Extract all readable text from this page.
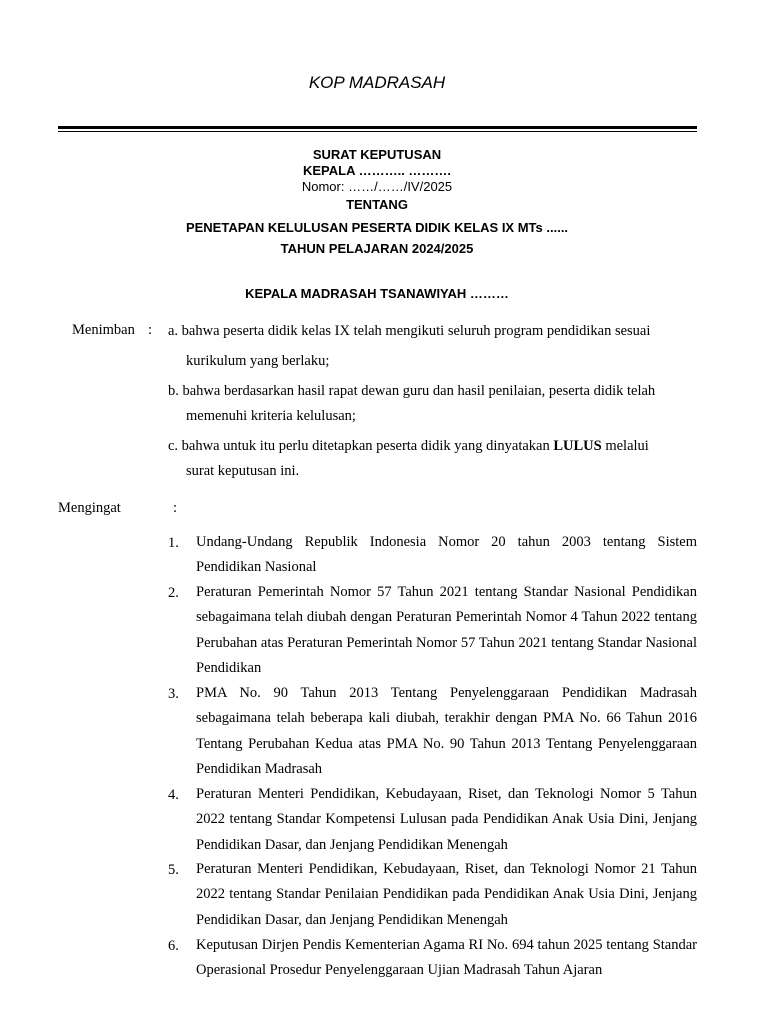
KOP MADRASAH
SURAT KEPUTUSAN
KEPALA ……….. ……….
Nomor: ……/……/IV/2025
TENTANG
PENETAPAN KELULUSAN PESERTA DIDIK KELAS IX MTs ......
TAHUN PELAJARAN 2024/2025
KEPALA MADRASAH TSANAWIYAH ………
Menimban : a. bahwa peserta didik kelas IX telah mengikuti seluruh program pendidikan sesuai
kurikulum yang berlaku;
b. bahwa berdasarkan hasil rapat dewan guru dan hasil penilaian, peserta didik telah
memenuhi kriteria kelulusan;
c. bahwa untuk itu perlu ditetapkan peserta didik yang dinyatakan LULUS melalui
surat keputusan ini.
Mengingat	:
1.	Undang-Undang Republik Indonesia Nomor 20 tahun 2003 tentang Sistem Pendidikan Nasional
2.	Peraturan Pemerintah Nomor 57 Tahun 2021 tentang Standar Nasional Pendidikan sebagaimana telah diubah dengan Peraturan Pemerintah Nomor 4 Tahun 2022 tentang Perubahan atas Peraturan Pemerintah Nomor 57 Tahun 2021 tentang Standar Nasional Pendidikan
3.	PMA No. 90 Tahun 2013 Tentang Penyelenggaraan Pendidikan Madrasah sebagaimana telah beberapa kali diubah, terakhir dengan PMA No. 66 Tahun 2016 Tentang Perubahan Kedua atas PMA No. 90 Tahun 2013 Tentang Penyelenggaraan Pendidikan Madrasah
4.	Peraturan Menteri Pendidikan, Kebudayaan, Riset, dan Teknologi Nomor 5 Tahun 2022 tentang Standar Kompetensi Lulusan pada Pendidikan Anak Usia Dini, Jenjang Pendidikan Dasar, dan Jenjang Pendidikan Menengah
5.	Peraturan Menteri Pendidikan, Kebudayaan, Riset, dan Teknologi Nomor 21 Tahun 2022 tentang Standar Penilaian Pendidikan pada Pendidikan Anak Usia Dini, Jenjang Pendidikan Dasar, dan Jenjang Pendidikan Menengah
6.	Keputusan Dirjen Pendis Kementerian Agama RI No. 694 tahun 2025 tentang Standar Operasional Prosedur Penyelenggaraan Ujian Madrasah Tahun Ajaran
